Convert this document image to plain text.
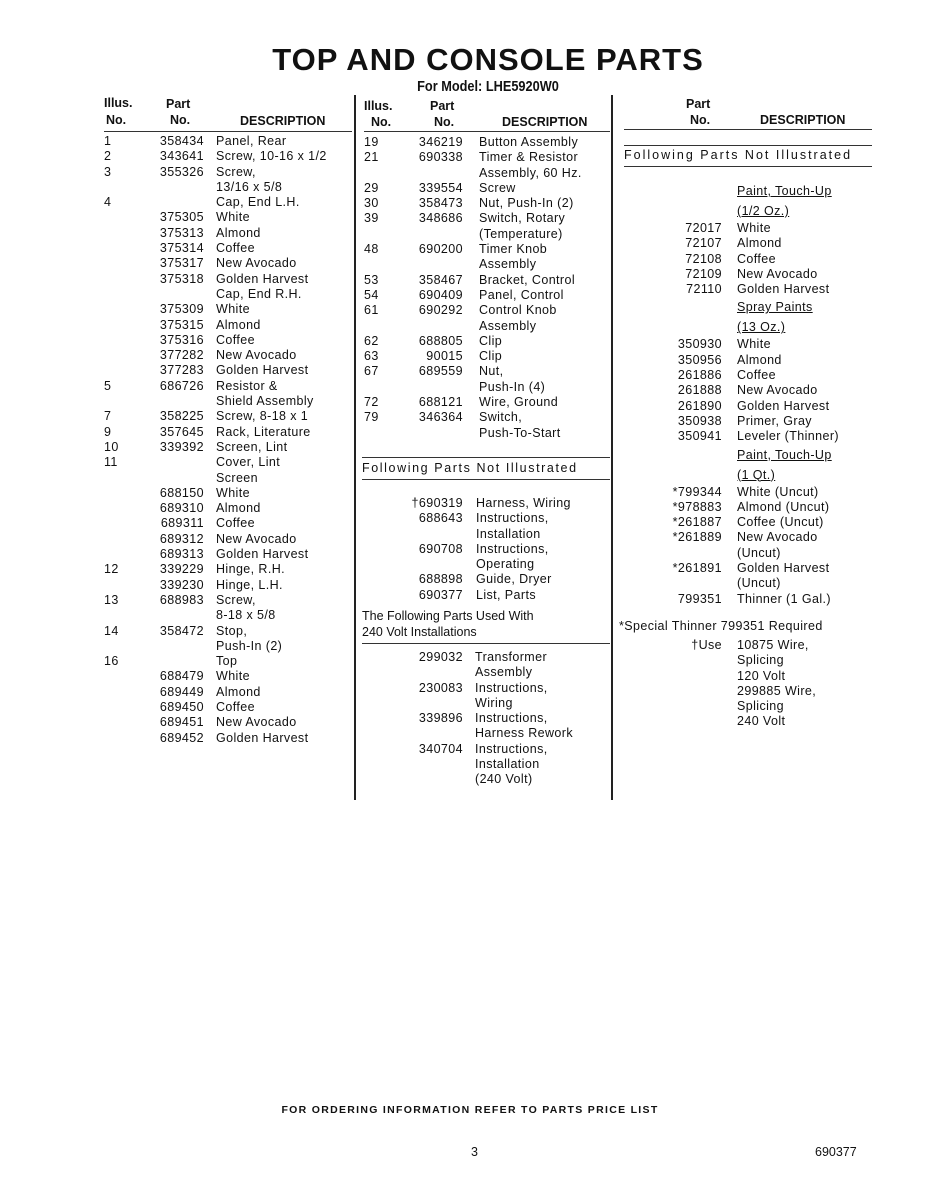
TOP AND CONSOLE PARTS
For Model: LHE5920W0
Illus.
No.
Part
No.	DESCRIPTION
Illus.
No.
Part
No.	DESCRIPTION
Part
No.	DESCRIPTION
Following Parts Not Illustrated
1	358434 Panel, Rear
2	343641 Screw, 10-16 x 1/2
3	355326 Screw,
13/16 x 5/8
4	Cap, End L.H.
375305 White
375313 Almond
375314 Coffee
375317 New Avocado
375318 Golden Harvest
Cap, End R.H.
375309 White
375315 Almond
375316 Coffee
377282 New Avocado
377283 Golden Harvest
5	686726 Resistor &
Shield Assembly
7	358225 Screw, 8-18 x 1
9	357645 Rack, Literature
10	339392 Screen, Lint
11	Cover, Lint
Screen
688150 White
689310 Almond
689311 Coffee
689312 New Avocado
689313 Golden Harvest
12	339229 Hinge, R.H.
339230 Hinge, L.H.
13	688983 Screw,
8-18 x 5/8
14	358472 Stop,
Push-In (2)
16	Top
688479 White
689449 Almond
689450 Coffee
689451 New Avocado
689452 Golden Harvest
19	346219 Button Assembly
21	690338 Timer & Resistor
Assembly, 60 Hz.
29	339554 Screw
30	358473 Nut, Push-In (2)
39	348686 Switch, Rotary
(Temperature)
48	690200 Timer Knob
Assembly
53	358467 Bracket, Control
54	690409 Panel, Control
61	690292 Control Knob
Assembly
62	688805 Clip
63	90015 Clip
67	689559 Nut,
Push-In (4)
72	688121 Wire, Ground
79	346364 Switch,
Push-To-Start
Following Parts Not Illustrated
†690319 Harness, Wiring
688643 Instructions,
Installation
690708 Instructions,
Operating
688898 Guide, Dryer
690377 List, Parts
The Following Parts Used With
240 Volt Installations
299032 Transformer
Assembly
230083 Instructions,
Wiring
339896 Instructions,
Harness Rework
340704 Instructions,
Installation
(240 Volt)
Paint, Touch-Up
(1/2 Oz.)
72017 White
72107 Almond
72108 Coffee
72109 New Avocado
72110 Golden Harvest
Spray Paints
(13 Oz.)
350930 White
350956 Almond
261886 Coffee
261888 New Avocado
261890 Golden Harvest
350938 Primer, Gray
350941 Leveler (Thinner)
Paint, Touch-Up
(1 Qt.)
*799344 White (Uncut)
*978883 Almond (Uncut)
*261887 Coffee (Uncut)
*261889 New Avocado
(Uncut)
*261891 Golden Harvest
(Uncut)
799351 Thinner (1 Gal.)
*Special Thinner 799351 Required
†Use 10875 Wire,
Splicing
120 Volt
299885 Wire,
Splicing
240 Volt
FOR ORDERING INFORMATION REFER TO PARTS PRICE LIST
3	690377
